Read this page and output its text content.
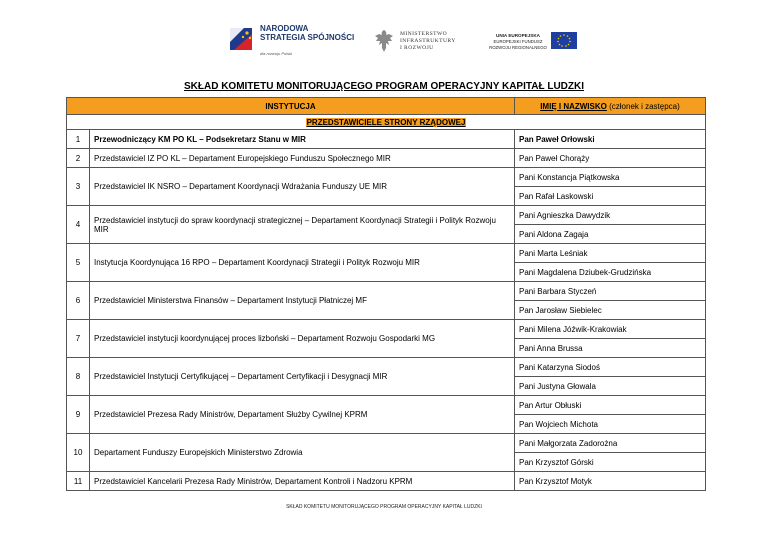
NARODOWA
STRATEGIA SPÓJNOŚCI
dla rozwoju Polski
MINISTERSTWO
INFRASTRUKTURY
I ROZWOJU
UNIA EUROPEJSKA
EUROPEJSKI FUNDUSZ
ROZWOJU REGIONALNEGO
SKŁAD KOMITETU MONITORUJĄCEGO PROGRAM OPERACYJNY KAPITAŁ LUDZKI
INSTYTUCJA		IMIĘ I NAZWISKO (członek i zastępca)
PRZEDSTAWICIELE STRONY RZĄDOWEJ		
1	Przewodniczący KM PO KL – Podsekretarz Stanu w MIR	Pan Paweł Orłowski
2	Przedstawiciel IZ PO KL – Departament Europejskiego Funduszu Społecznego MIR	Pan Paweł Chorąży
3	Przedstawiciel IK NSRO – Departament Koordynacji Wdrażania Funduszy UE MIR	Pani Konstancja Piątkowska
		Pan Rafał Laskowski
4	Przedstawiciel instytucji do spraw koordynacji strategicznej – Departament Koordynacji Strategii i Polityk Rozwoju MIR	Pani Agnieszka Dawydzik
		Pani Aldona Zagaja
5	Instytucja Koordynująca 16 RPO – Departament Koordynacji Strategii i Polityk Rozwoju MIR	Pani Marta Leśniak
		Pani Magdalena Dziubek-Grudzińska
6	Przedstawiciel Ministerstwa Finansów – Departament Instytucji Płatniczej MF	Pani Barbara Styczeń
		Pan Jarosław Siebielec
7	Przedstawiciel instytucji koordynującej proces lizboński – Departament Rozwoju Gospodarki MG	Pani Milena Jóźwik-Krakowiak
		Pani Anna Brussa
8	Przedstawiciel Instytucji Certyfikującej – Departament Certyfikacji i Desygnacji MIR	Pani Katarzyna Siodoś
		Pani Justyna Głowala
9	Przedstawiciel Prezesa Rady Ministrów, Departament Służby Cywilnej KPRM	Pan Artur Obłuski
		Pan Wojciech Michota
10	Departament Funduszy Europejskich Ministerstwo Zdrowia	Pani Małgorzata Zadorożna
		Pan Krzysztof Górski
11	Przedstawiciel Kancelarii Prezesa Rady Ministrów, Departament Kontroli i Nadzoru KPRM	Pan Krzysztof Motyk
SKŁAD KOMITETU MONITORUJĄCEGO PROGRAM OPERACYJNY KAPITAŁ LUDZKI
